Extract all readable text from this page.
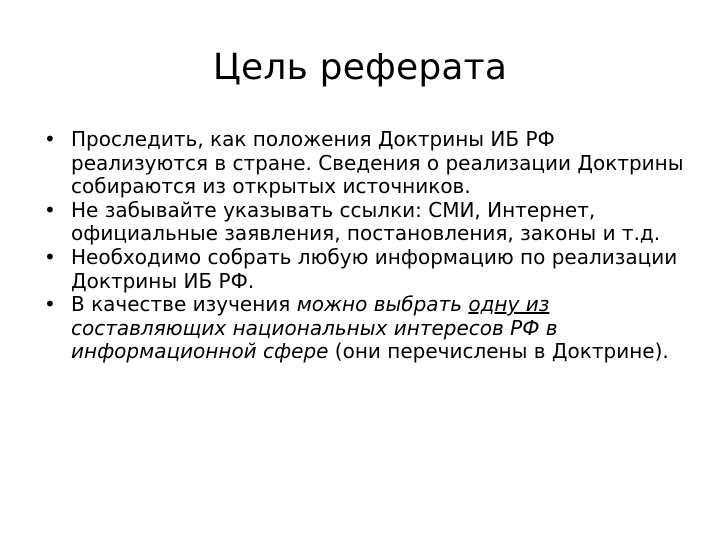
Цель реферата
• Проследить, как положения Доктрины ИБ РФ реализуются в стране. Сведения о реализации Доктрины собираются из открытых источников.
• Не забывайте указывать ссылки: СМИ, Интернет, официальные заявления, постановления, законы и т.д.
• Необходимо собрать любую информацию по реализации Доктрины ИБ РФ.
• В качестве изучения можно выбрать одну из составляющих национальных интересов РФ в информационной сфере (они перечислены в Доктрине).
